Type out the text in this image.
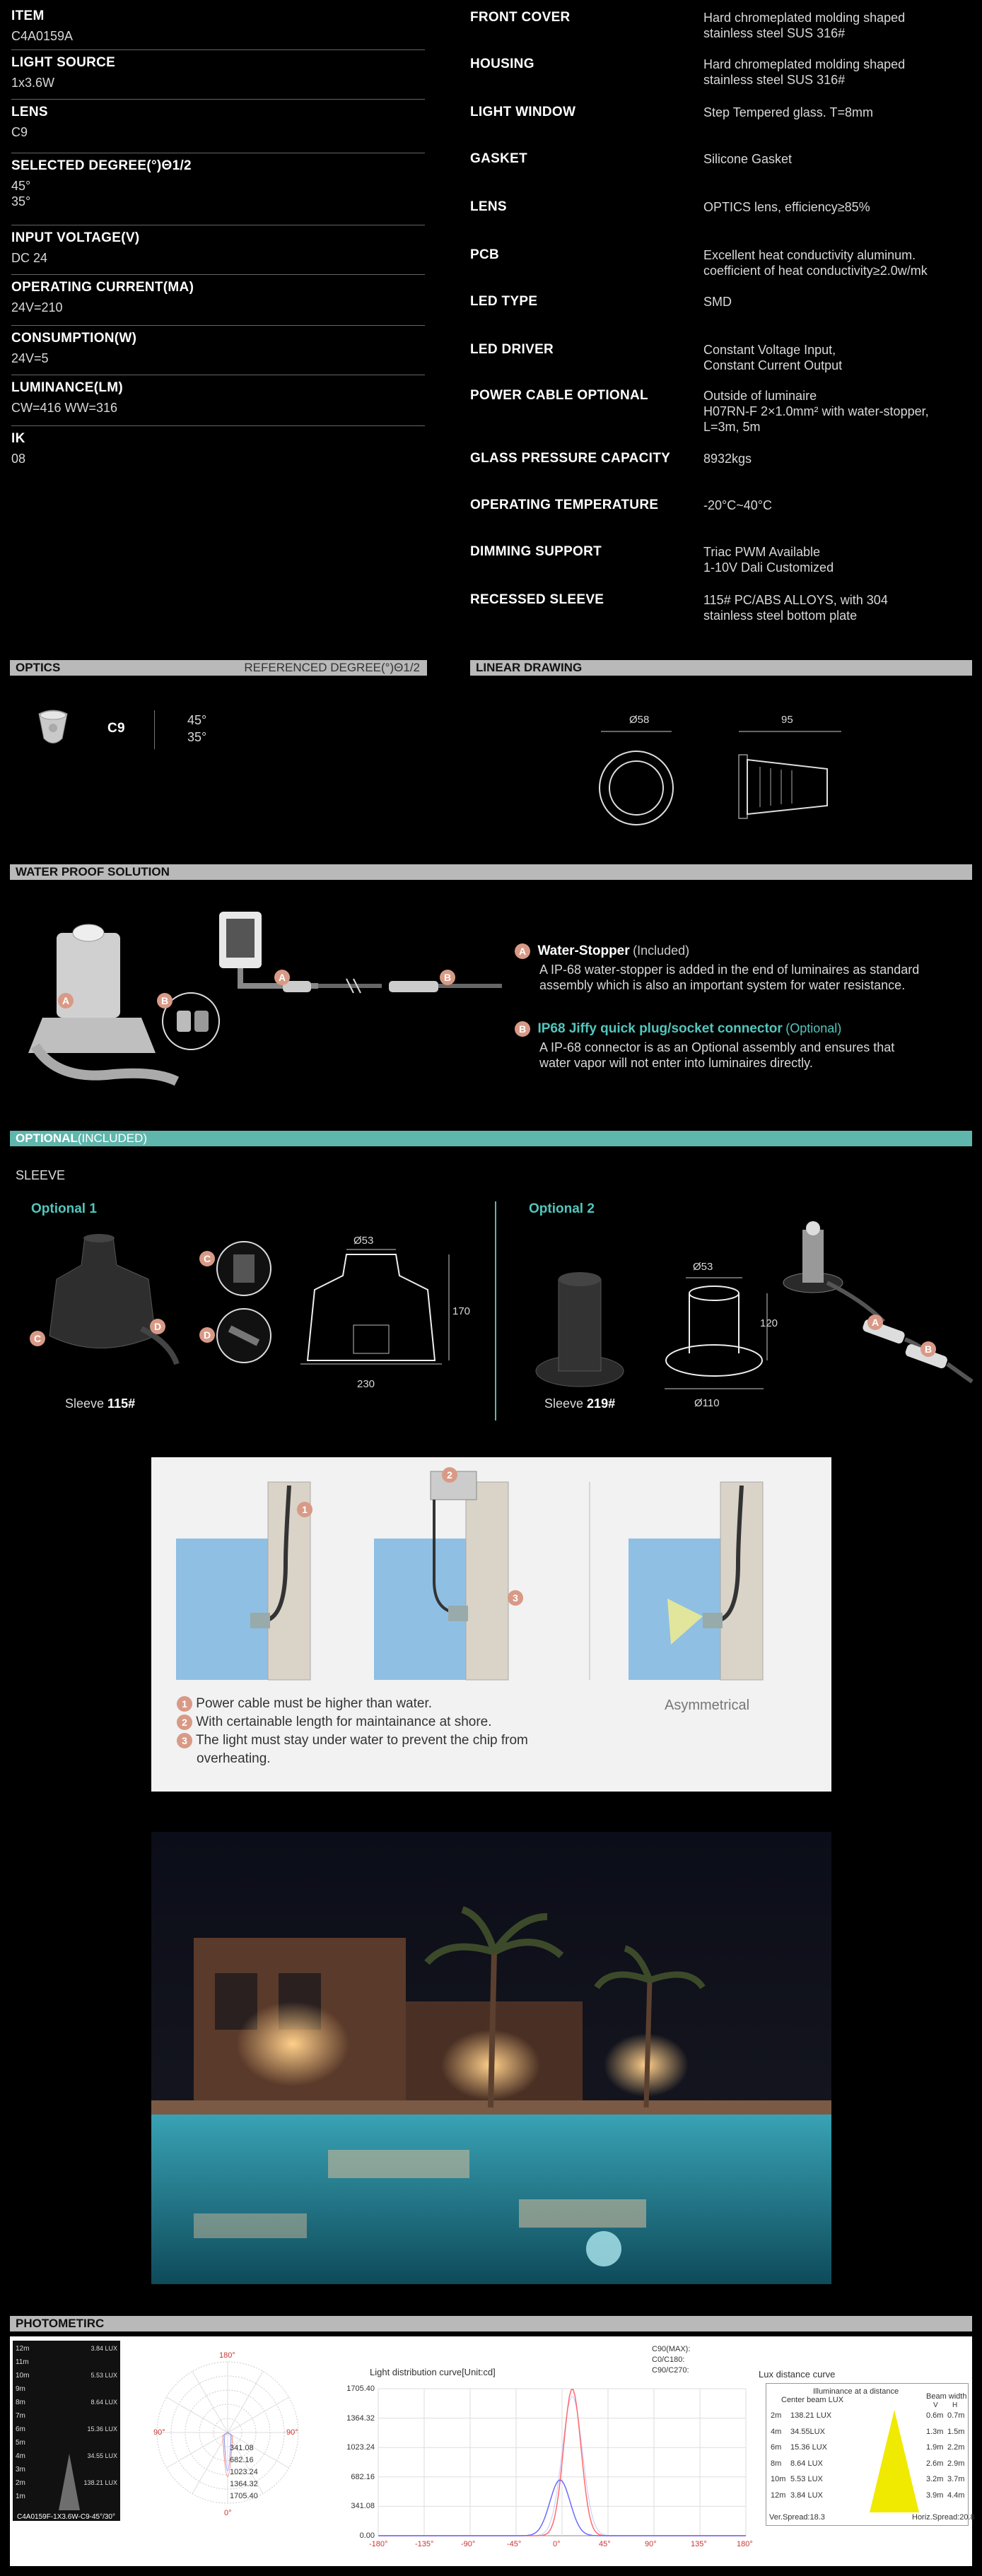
ITEM
C4A0159A
LIGHT SOURCE
1x3.6W
LENS
C9
SELECTED DEGREE(°)Θ1/2
45°
35°
INPUT VOLTAGE(V)
DC 24
OPERATING CURRENT(MA)
24V=210
CONSUMPTION(W)
24V=5
LUMINANCE(LM)
CW=416 WW=316
IK
08
FRONT COVER	Hard chromeplated molding shaped
stainless steel SUS 316#
HOUSING	Hard chromeplated molding shaped
stainless steel SUS 316#
LIGHT WINDOW	Step Tempered glass. T=8mm
GASKET	Silicone Gasket
LENS	OPTICS lens, efficiency≥85%
PCB	Excellent heat conductivity aluminum.
coefficient of heat conductivity≥2.0w/mk
LED TYPE	SMD
LED DRIVER	Constant Voltage Input,
Constant Current Output
POWER CABLE OPTIONAL	Outside of luminaire
H07RN-F 2×1.0mm² with water-stopper,
L=3m, 5m
GLASS PRESSURE CAPACITY	8932kgs
OPERATING TEMPERATURE	-20°C~40°C
DIMMING SUPPORT	Triac PWM Available
1-10V Dali Customized
RECESSED SLEEVE	115# PC/ABS ALLOYS, with 304
stainless steel bottom plate
OPTICS	REFERENCED DEGREE(°)Θ1/2	LINEAR DRAWING
C9
45°
35°
Ø58	95
WATER PROOF SOLUTION
A	B
B
A
A Water-Stopper (Included)
A IP-68 water-stopper is added in the end of luminaires as standard
assembly which is also an important system for water resistance.
B IP68 Jiffy quick plug/socket connector (Optional)
A IP-68 connector is as an Optional assembly and ensures that
water vapor will not enter into luminaires directly.
OPTIONAL(INCLUDED)
SLEEVE
Optional 1	Optional 2
C
D
C
D
Sleeve 115#
Ø53
170
230
Sleeve 219#
Ø53
120
Ø110
A
B
1
2
3
Asymmetrical
1 Power cable must be higher than water.
2 With certainable length for maintainance at shore.
3 The light must stay under water to prevent the chip from
overheating.
PHOTOMETIRC
12m
11m
10m
9m
8m
7m
6m
5m
4m
3m
2m
1m
3.84 LUX
5.53 LUX
8.64 LUX
15.36 LUX
34.55 LUX
138.21 LUX
C4A0159F-1X3.6W-C9-45°/30°
180°
90°	90°
0°
341.08
682.16
1023.24
1364.32
1705.40
Light distribution curve[Unit:cd]
C90(MAX):
C0/C180:
C90/C270:
1705.40
1364.32
1023.24
682.16
341.08
0.00
-180°	-135°	-90°	-45°	0°	45°	90°	135°	180°
Lux distance curve
Illuminance at a distance
Center beam LUX	Beam width
V H
2m 138.21 LUX	0.6m 0.7m
4m 34.55LUX	1.3m 1.5m
6m 15.36 LUX	1.9m 2.2m
8m 8.64 LUX	2.6m 2.9m
10m 5.53 LUX	3.2m 3.7m
12m 3.84 LUX	3.9m 4.4m
Ver.Spread:18.3	Horiz.Spread:20.8
